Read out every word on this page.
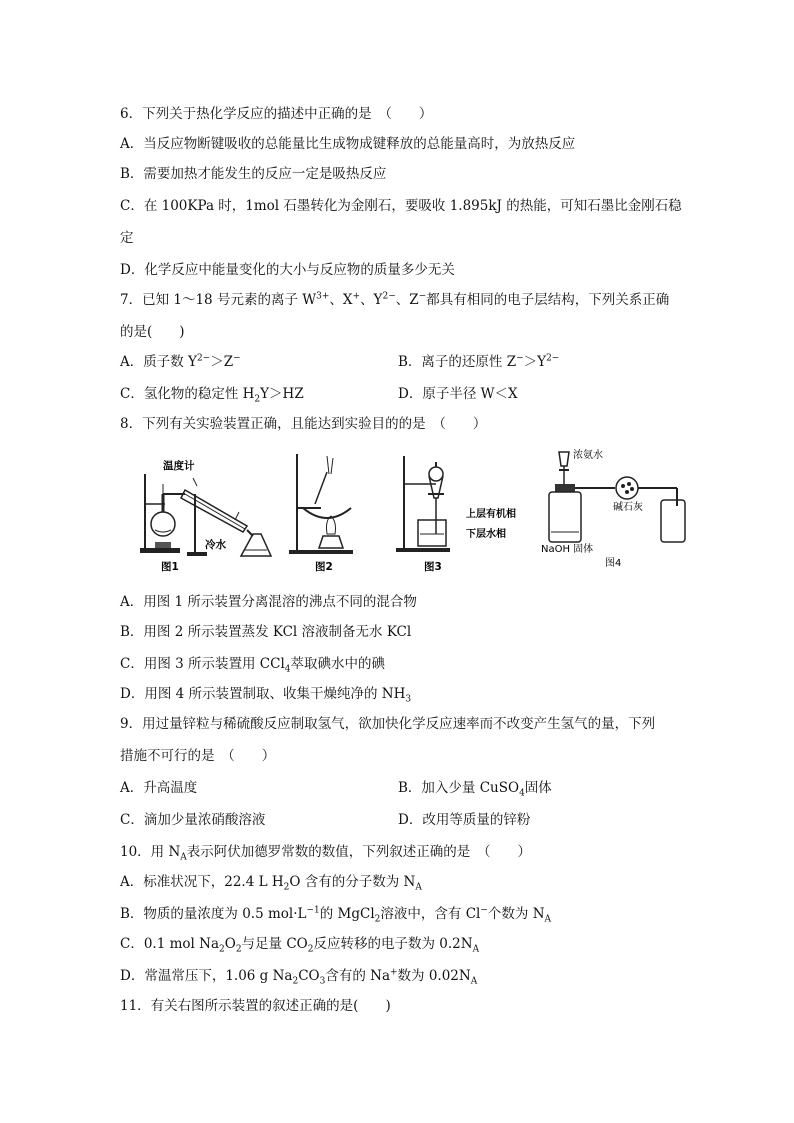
6．下列关于热化学反应的描述中正确的是　（　　）
A．当反应物断键吸收的总能量比生成物成键释放的总能量高时，为放热反应
B．需要加热才能发生的反应一定是吸热反应
C．在 100KPa 时，1mol 石墨转化为金刚石，要吸收 1.895kJ 的热能，可知石墨比金刚石稳
定
D．化学反应中能量变化的大小与反应物的质量多少无关
7．已知 1～18 号元素的离子 $W^{3+}$、X+、$Y^{2-}$、Z−都具有相同的电子层结构，下列关系正确
的是(　　)
A．质子数 $Y^{2-}>Z^-$	B．离子的还原性 $Z^->Y^{2-}$
C．氢化物的稳定性 $H_2Y>HZ$	D．原子半径 W＜X
8．下列有关实验装置正确，且能达到实验目的的是　（　　）
温度计
冷水
图1	图2
上层有机相
下层水相
图3
浓氨水
碱石灰
NaOH 固体
图4
A．用图 1 所示装置分离混溶的沸点不同的混合物
B．用图 2 所示装置蒸发 KCl 溶液制备无水 KCl
C．用图 3 所示装置用 CCl$_4$萃取碘水中的碘
D．用图 4 所示装置制取、收集干燥纯净的 $NH_3$
9．用过量锌粒与稀硫酸反应制取氢气，欲加快化学反应速率而不改变产生氢气的量，下列
措施不可行的是　（　　）
A．升高温度	B．加入少量 CuSO$_4$固体
C．滴加少量浓硝酸溶液	D．改用等质量的锌粉
10．用 $N_A$表示阿伏加德罗常数的数值，下列叙述正确的是　（　　）
A．标准状况下，22.4 L $H_2O$ 含有的分子数为 $N_A$
B．物质的量浓度为 0.5 $mol\cdot L^{-1}$的 MgCl$_2$溶液中，含有 Cl−个数为 $N_A$
C．0.1 mol $Na_2O_2$与足量 $CO_2$反应转移的电子数为 $0.2N_A$
D．常温常压下，1.06 g $Na_2CO_3$含有的 Na+数为 $0.02N_A$
11．有关右图所示装置的叙述正确的是(　　)
